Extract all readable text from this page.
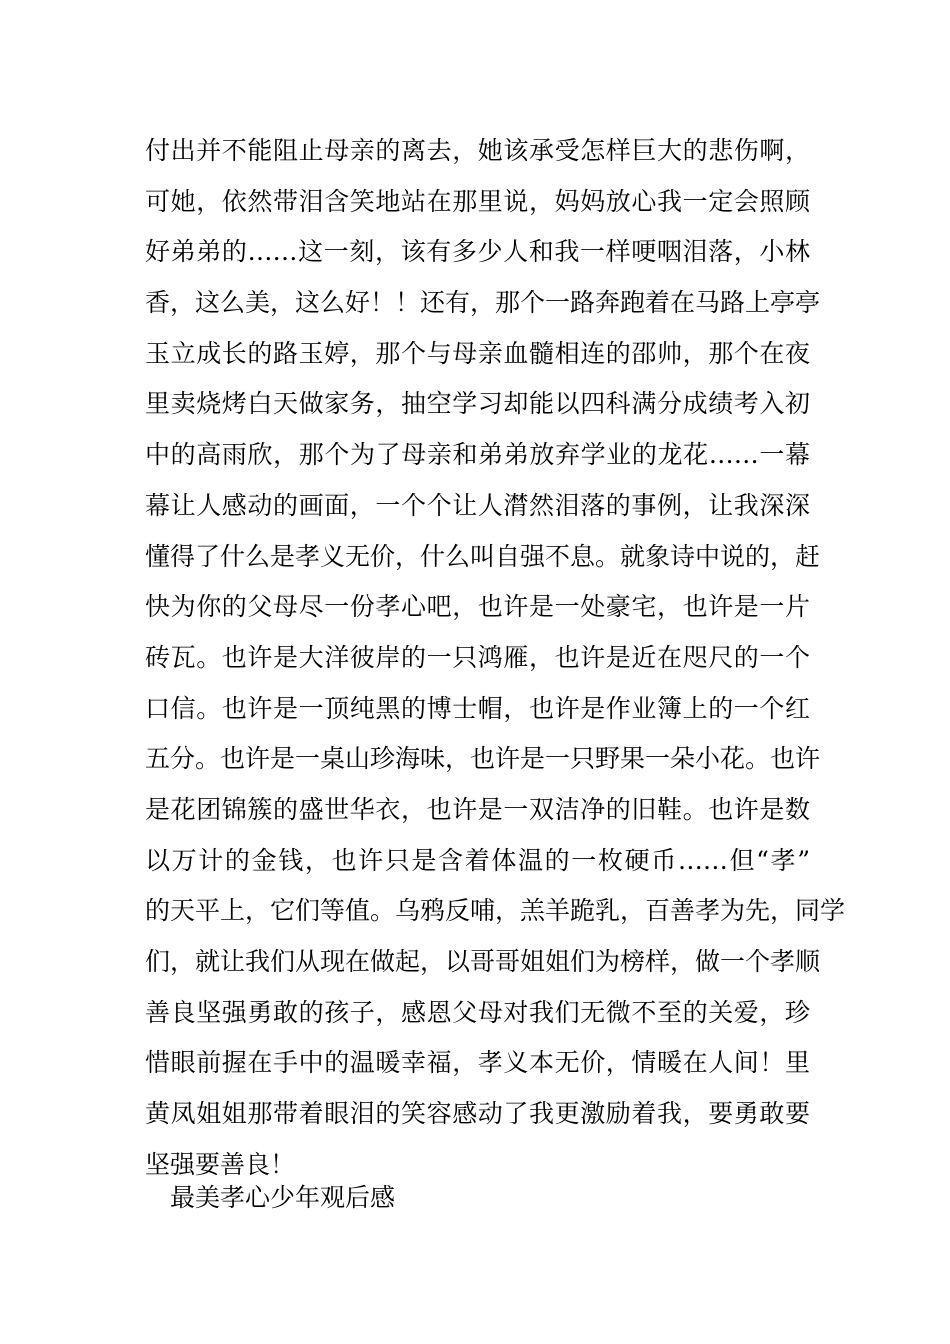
付出并不能阻止母亲的离去，她该承受怎样巨大的悲伤啊，
可她，依然带泪含笑地站在那里说，妈妈放心我一定会照顾
好弟弟的……这一刻，该有多少人和我一样哽咽泪落，小林
香，这么美，这么好！！还有，那个一路奔跑着在马路上亭亭
玉立成长的路玉婷，那个与母亲血髓相连的邵帅，那个在夜
里卖烧烤白天做家务，抽空学习却能以四科满分成绩考入初
中的高雨欣，那个为了母亲和弟弟放弃学业的龙花……一幕
幕让人感动的画面，一个个让人潸然泪落的事例，让我深深
懂得了什么是孝义无价，什么叫自强不息。就象诗中说的，赶
快为你的父母尽一份孝心吧，也许是一处豪宅，也许是一片
砖瓦。也许是大洋彼岸的一只鸿雁，也许是近在咫尺的一个
口信。也许是一顶纯黑的博士帽，也许是作业簿上的一个红
五分。也许是一桌山珍海味，也许是一只野果一朵小花。也许
是花团锦簇的盛世华衣，也许是一双洁净的旧鞋。也许是数
以万计的金钱，也许只是含着体温的一枚硬币……但“孝”
的天平上，它们等值。乌鸦反哺，羔羊跪乳，百善孝为先，同学
们，就让我们从现在做起，以哥哥姐姐们为榜样，做一个孝顺
善良坚强勇敢的孩子，感恩父母对我们无微不至的关爱，珍
惜眼前握在手中的温暖幸福，孝义本无价，情暖在人间！里
黄凤姐姐那带着眼泪的笑容感动了我更激励着我，要勇敢要
坚强要善良！
最美孝心少年观后感
